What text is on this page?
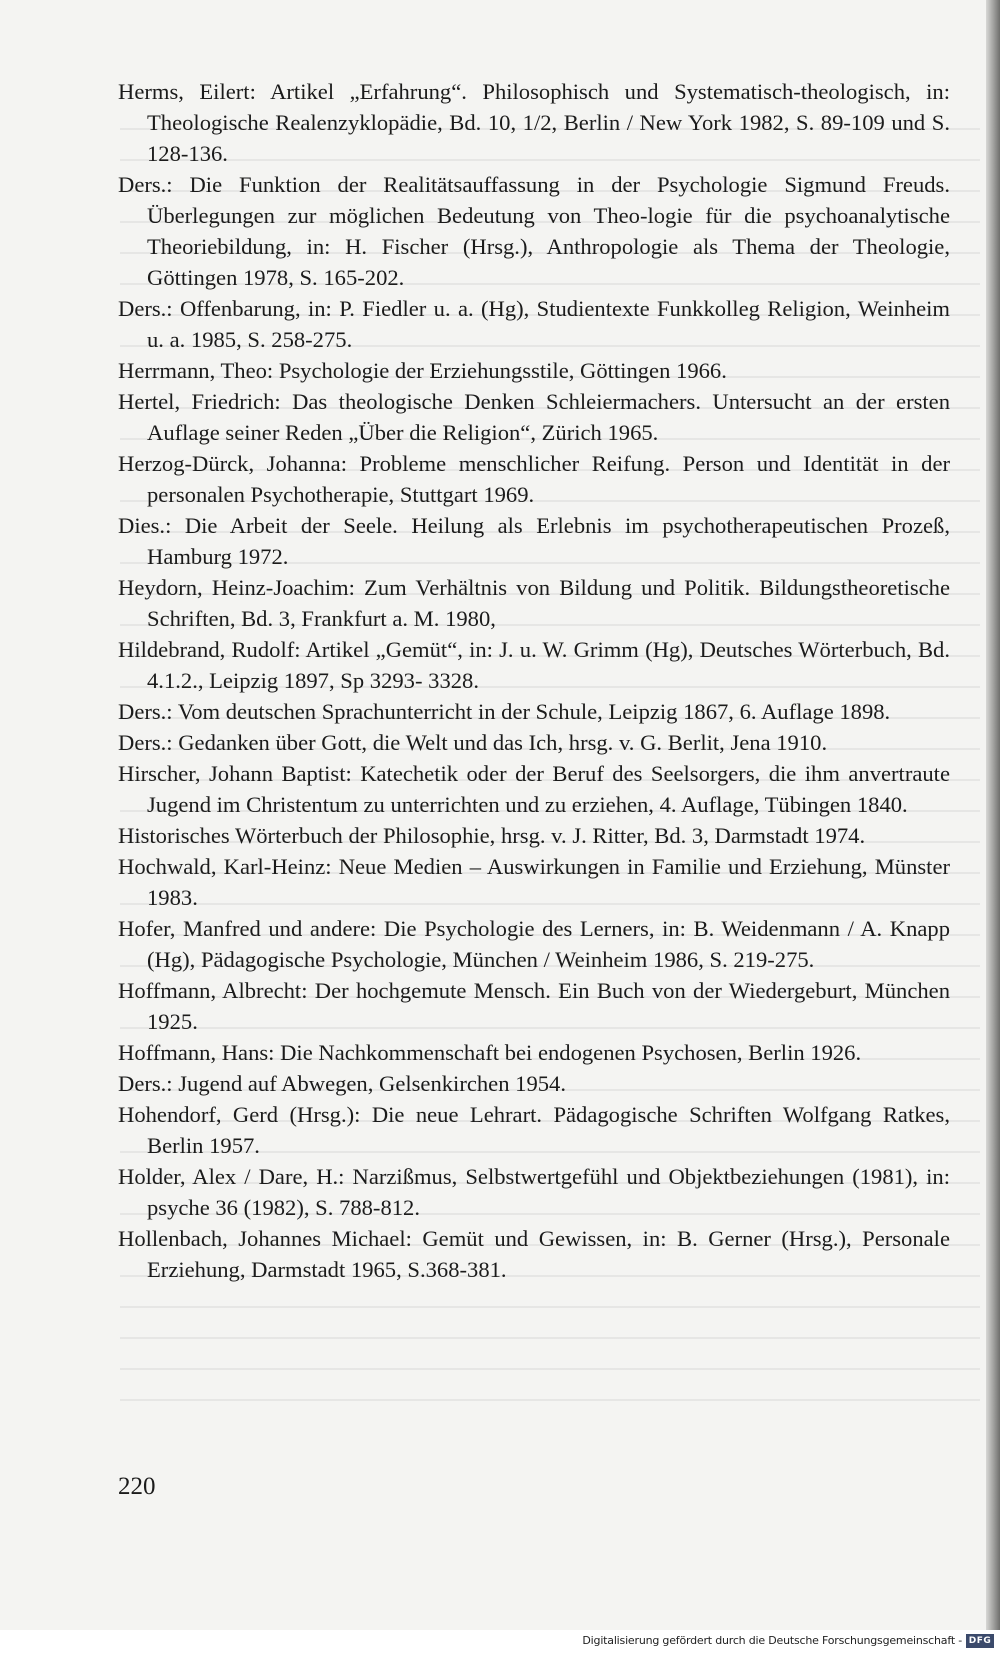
Herms, Eilert: Artikel „Erfahrung“. Philosophisch und Systematisch-theologisch, in: Theologische Realenzyklopädie, Bd. 10, 1/2, Berlin / New York 1982, S. 89-109 und S. 128-136.
Ders.: Die Funktion der Realitätsauffassung in der Psychologie Sigmund Freuds. Überlegungen zur möglichen Bedeutung von Theo-logie für die psychoanalytische Theoriebildung, in: H. Fischer (Hrsg.), Anthropologie als Thema der Theologie, Göttingen 1978, S. 165-202.
Ders.: Offenbarung, in: P. Fiedler u. a. (Hg), Studientexte Funkkolleg Religion, Weinheim u. a. 1985, S. 258-275.
Herrmann, Theo: Psychologie der Erziehungsstile, Göttingen 1966.
Hertel, Friedrich: Das theologische Denken Schleiermachers. Untersucht an der ersten Auflage seiner Reden „Über die Religion“, Zürich 1965.
Herzog-Dürck, Johanna: Probleme menschlicher Reifung. Person und Identität in der personalen Psychotherapie, Stuttgart 1969.
Dies.: Die Arbeit der Seele. Heilung als Erlebnis im psychotherapeutischen Prozeß, Hamburg 1972.
Heydorn, Heinz-Joachim: Zum Verhältnis von Bildung und Politik. Bildungstheoretische Schriften, Bd. 3, Frankfurt a. M. 1980,
Hildebrand, Rudolf: Artikel „Gemüt“, in: J. u. W. Grimm (Hg), Deutsches Wörterbuch, Bd. 4.1.2., Leipzig 1897, Sp 3293- 3328.
Ders.: Vom deutschen Sprachunterricht in der Schule, Leipzig 1867, 6. Auflage 1898.
Ders.: Gedanken über Gott, die Welt und das Ich, hrsg. v. G. Berlit, Jena 1910.
Hirscher, Johann Baptist: Katechetik oder der Beruf des Seelsorgers, die ihm anvertraute Jugend im Christentum zu unterrichten und zu erziehen, 4. Auflage, Tübingen 1840.
Historisches Wörterbuch der Philosophie, hrsg. v. J. Ritter, Bd. 3, Darmstadt 1974.
Hochwald, Karl-Heinz: Neue Medien – Auswirkungen in Familie und Erziehung, Münster 1983.
Hofer, Manfred und andere: Die Psychologie des Lerners, in: B. Weidenmann / A. Knapp (Hg), Pädagogische Psychologie, München / Weinheim 1986, S. 219-275.
Hoffmann, Albrecht: Der hochgemute Mensch. Ein Buch von der Wiedergeburt, München 1925.
Hoffmann, Hans: Die Nachkommenschaft bei endogenen Psychosen, Berlin 1926.
Ders.: Jugend auf Abwegen, Gelsenkirchen 1954.
Hohendorf, Gerd (Hrsg.): Die neue Lehrart. Pädagogische Schriften Wolfgang Ratkes, Berlin 1957.
Holder, Alex / Dare, H.: Narzißmus, Selbstwertgefühl und Objektbeziehungen (1981), in: psyche 36 (1982), S. 788-812.
Hollenbach, Johannes Michael: Gemüt und Gewissen, in: B. Gerner (Hrsg.), Personale Erziehung, Darmstadt 1965, S.368-381.
220
Digitalisierung gefördert durch die Deutsche Forschungsgemeinschaft - DFG
